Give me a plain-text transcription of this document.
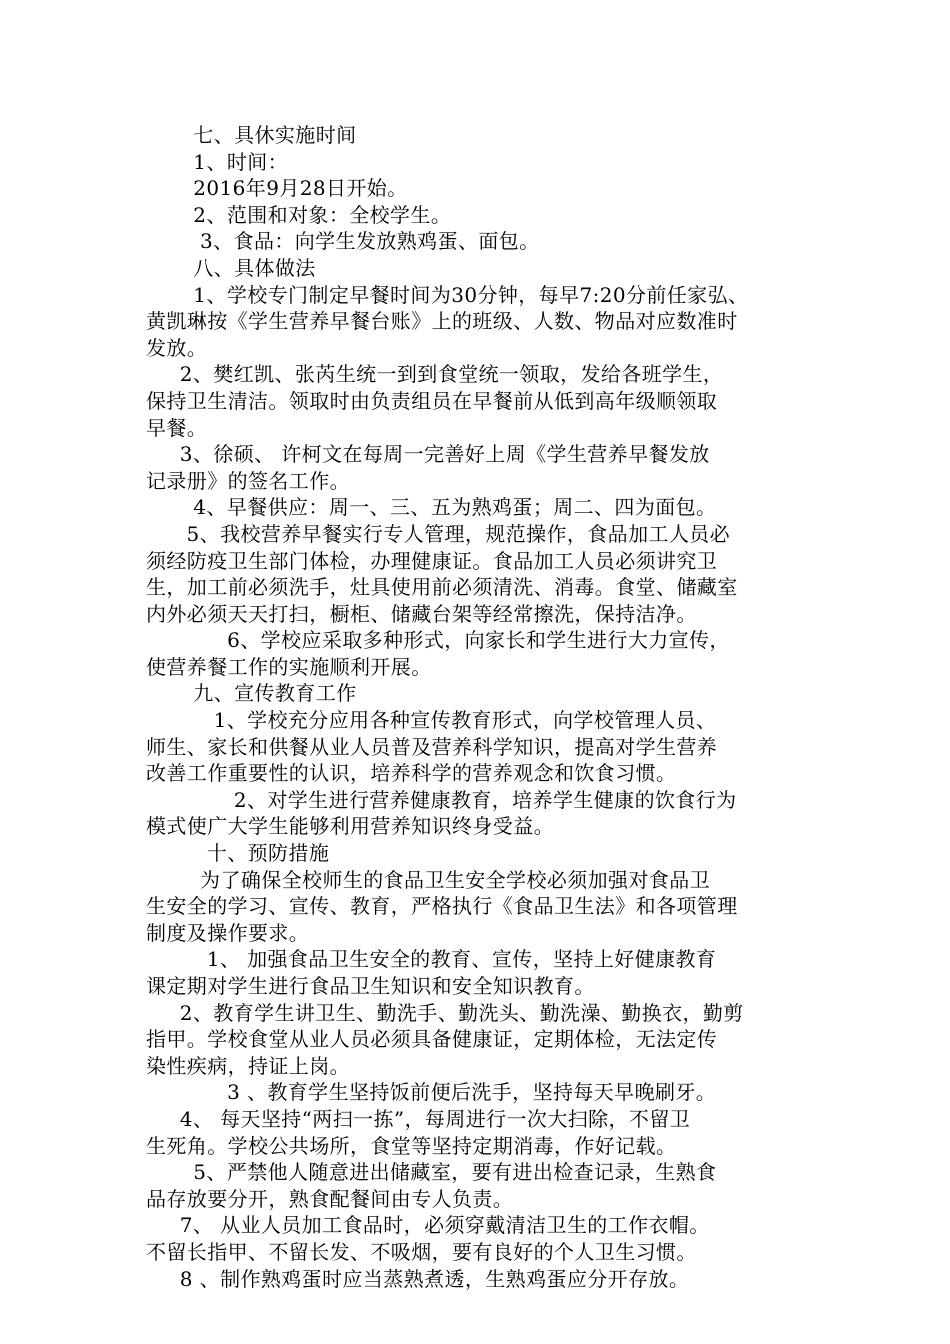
七、具休实施时间

1、时间：

2016年9月28日开始。

2、范围和对象：全校学生。

3、食品：向学生发放熟鸡蛋、面包。

八、具体做法

1、学校专门制定早餐时间为30分钟，每早7:20分前任家弘、

黄凯琳按《学生营养早餐台账》上的班级、人数、物品对应数准时

发放。

2、樊红凯、张芮生统一到到食堂统一领取，发给各班学生，

保持卫生清洁。领取时由负责组员在早餐前从低到高年级顺领取

早餐。

3、徐硕、 许柯文在每周一完善好上周《学生营养早餐发放

记录册》的签名工作。

4、早餐供应：周一、三、五为熟鸡蛋；周二、四为面包。

5、我校营养早餐实行专人管理，规范操作，食品加工人员必

须经防疫卫生部门体检，办理健康证。食品加工人员必须讲究卫

生，加工前必须洗手，灶具使用前必须清洗、消毒。食堂、储藏室

内外必须天天打扫，橱柜、储藏台架等经常擦洗，保持洁净。

6、学校应采取多种形式，向家长和学生进行大力宣传，

使营养餐工作的实施顺利开展。

九、宣传教育工作

1、学校充分应用各种宣传教育形式，向学校管理人员、

师生、家长和供餐从业人员普及营养科学知识，提高对学生营养

改善工作重要性的认识，培养科学的营养观念和饮食习惯。

2、对学生进行营养健康教育，培养学生健康的饮食行为

模式使广大学生能够利用营养知识终身受益。

十、预防措施

为了确保全校师生的食品卫生安全学校必须加强对食品卫

生安全的学习、宣传、教育，严格执行《食品卫生法》和各项管理

制度及操作要求。

1、 加强食品卫生安全的教育、宣传，坚持上好健康教育

课定期对学生进行食品卫生知识和安全知识教育。

2、教育学生讲卫生、勤洗手、勤洗头、勤洗澡、勤换衣，勤剪

指甲。学校食堂从业人员必须具备健康证，定期体检，无法定传

染性疾病，持证上岗。

3 、教育学生坚持饭前便后洗手，坚持每天早晚刷牙。

4、 每天坚持“两扫一拣”，每周进行一次大扫除，不留卫

生死角。学校公共场所，食堂等坚持定期消毒，作好记载。

5、严禁他人随意进出储藏室，要有进出检查记录，生熟食

品存放要分开，熟食配餐间由专人负责。

7、 从业人员加工食品时，必须穿戴清洁卫生的工作衣帽。

不留长指甲、不留长发、不吸烟，要有良好的个人卫生习惯。

8 、制作熟鸡蛋时应当蒸熟煮透，生熟鸡蛋应分开存放。
